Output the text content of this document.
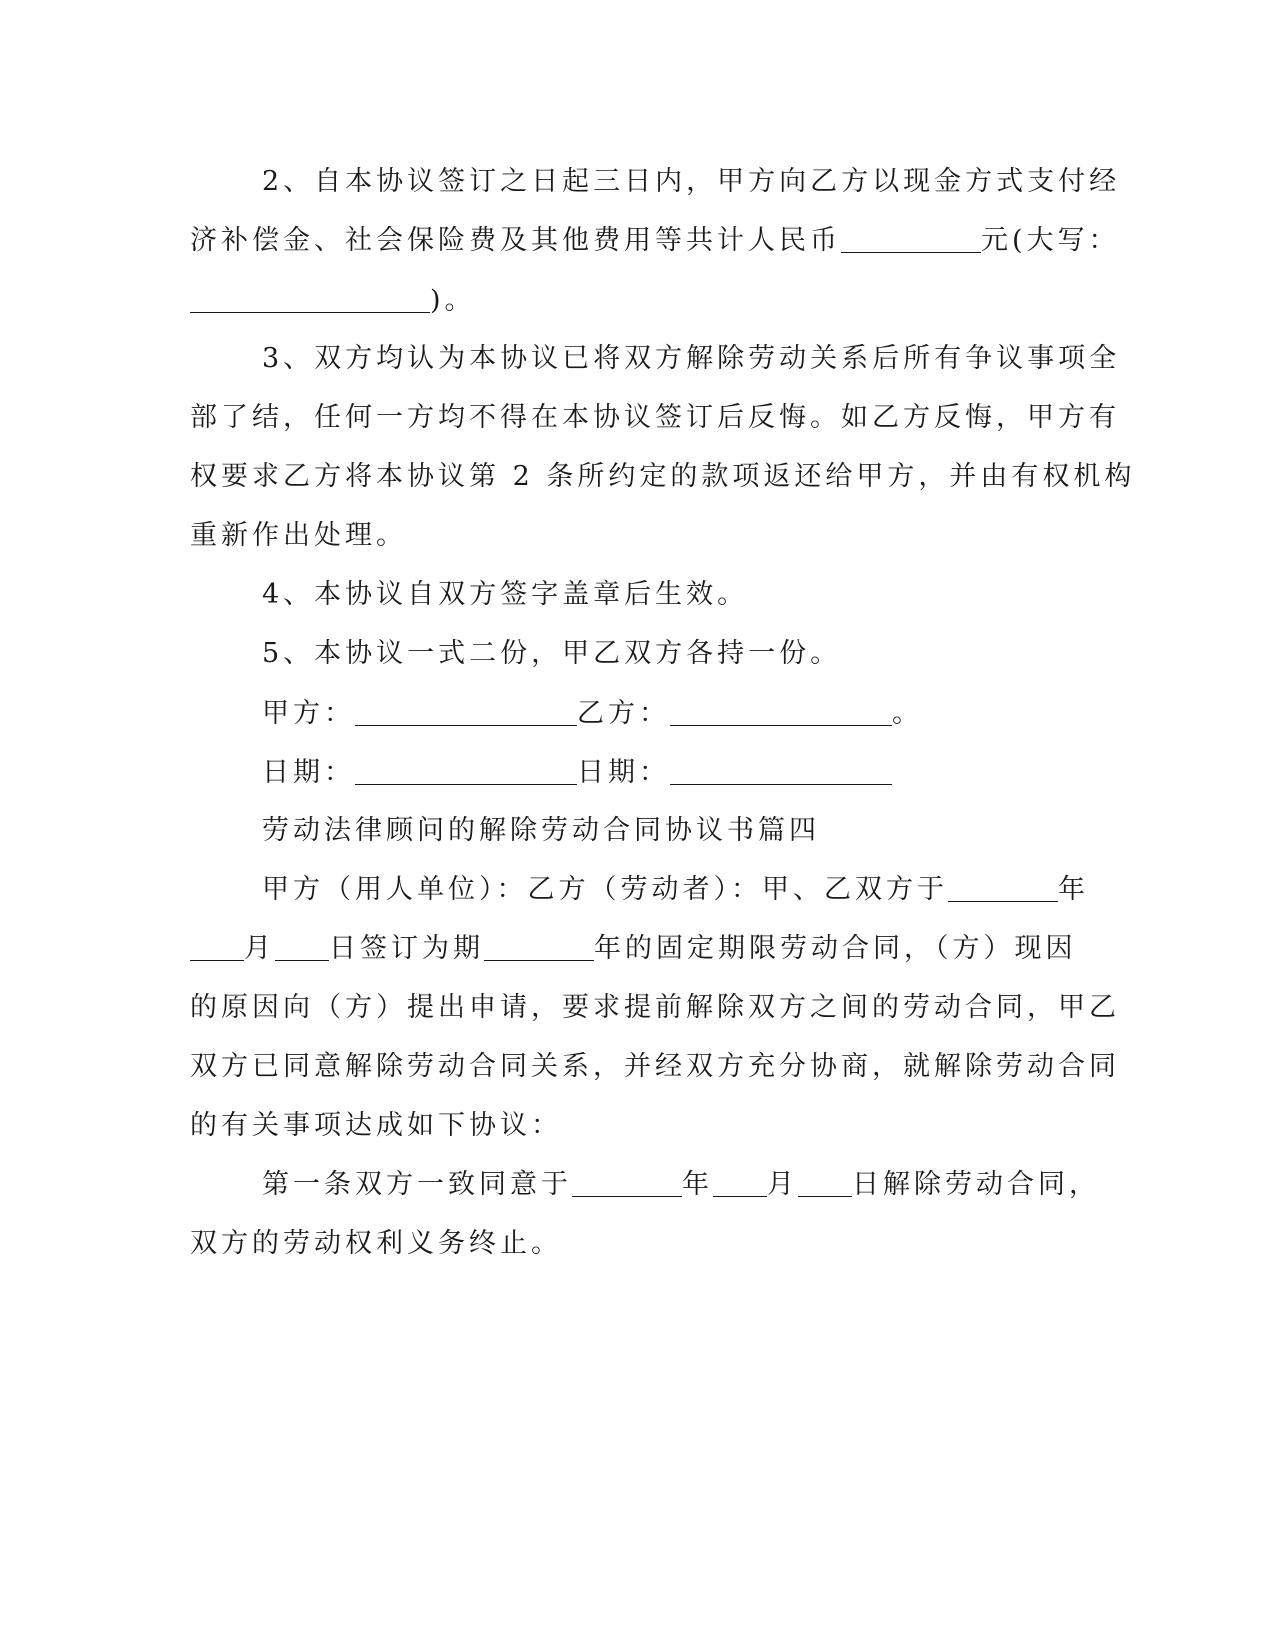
2、自本协议签订之日起三日内，甲方向乙方以现金方式支付经

济补偿金、社会保险费及其他费用等共计人民币	元(大写：

)。

3、双方均认为本协议已将双方解除劳动关系后所有争议事项全

部了结，任何一方均不得在本协议签订后反悔。如乙方反悔，甲方有

权要求乙方将本协议第 2 条所约定的款项返还给甲方，并由有权机构

重新作出处理。

4、本协议自双方签字盖章后生效。

5、本协议一式二份，甲乙双方各持一份。

甲方：	乙方：	。

日期：	日期：

劳动法律顾问的解除劳动合同协议书篇四

甲方（用人单位）：乙方（劳动者）：甲、乙双方于	年

月 日签订为期	年的固定期限劳动合同，（方）现因

的原因向（方）提出申请，要求提前解除双方之间的劳动合同，甲乙

双方已同意解除劳动合同关系，并经双方充分协商，就解除劳动合同

的有关事项达成如下协议：

第一条双方一致同意于	年 月 日解除劳动合同，

双方的劳动权利义务终止。
